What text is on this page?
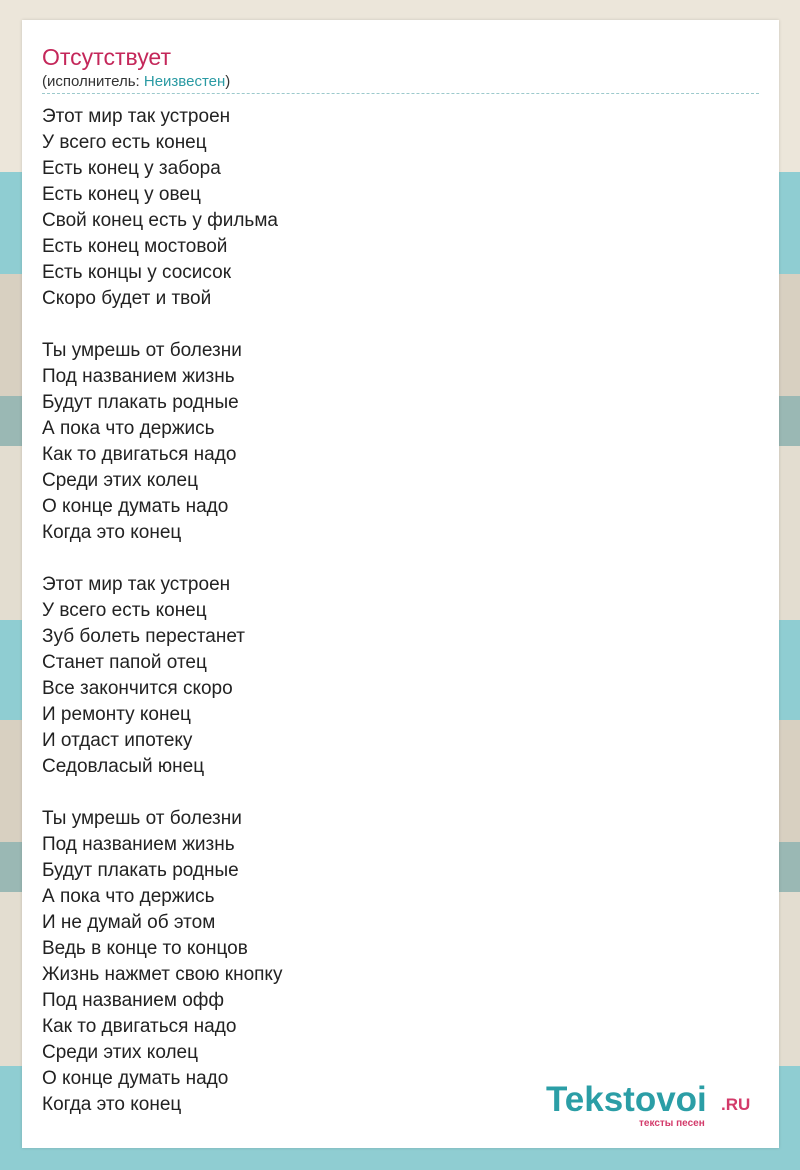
Отсутствует
(исполнитель: Неизвестен)
Этот мир так устроен
У всего есть конец
Есть конец у забора
Есть конец у овец
Свой конец есть у фильма
Есть конец мостовой
Есть концы у сосисок
Скоро будет и твой
Ты умрешь от болезни
Под названием жизнь
Будут плакать родные
А пока что держись
Как то двигаться надо
Среди этих колец
О конце думать надо
Когда это конец
Этот мир так устроен
У всего есть конец
Зуб болеть перестанет
Станет папой отец
Все закончится скоро
И ремонту конец
И отдаст ипотеку
Седовласый юнец
Ты умрешь от болезни
Под названием жизнь
Будут плакать родные
А пока что держись
И не думай об этом
Ведь в конце то концов
Жизнь нажмет свою кнопку
Под названием офф
Как то двигаться надо
Среди этих колец
О конце думать надо
Когда это конец	Tekstovoi .RU
тексты песен
